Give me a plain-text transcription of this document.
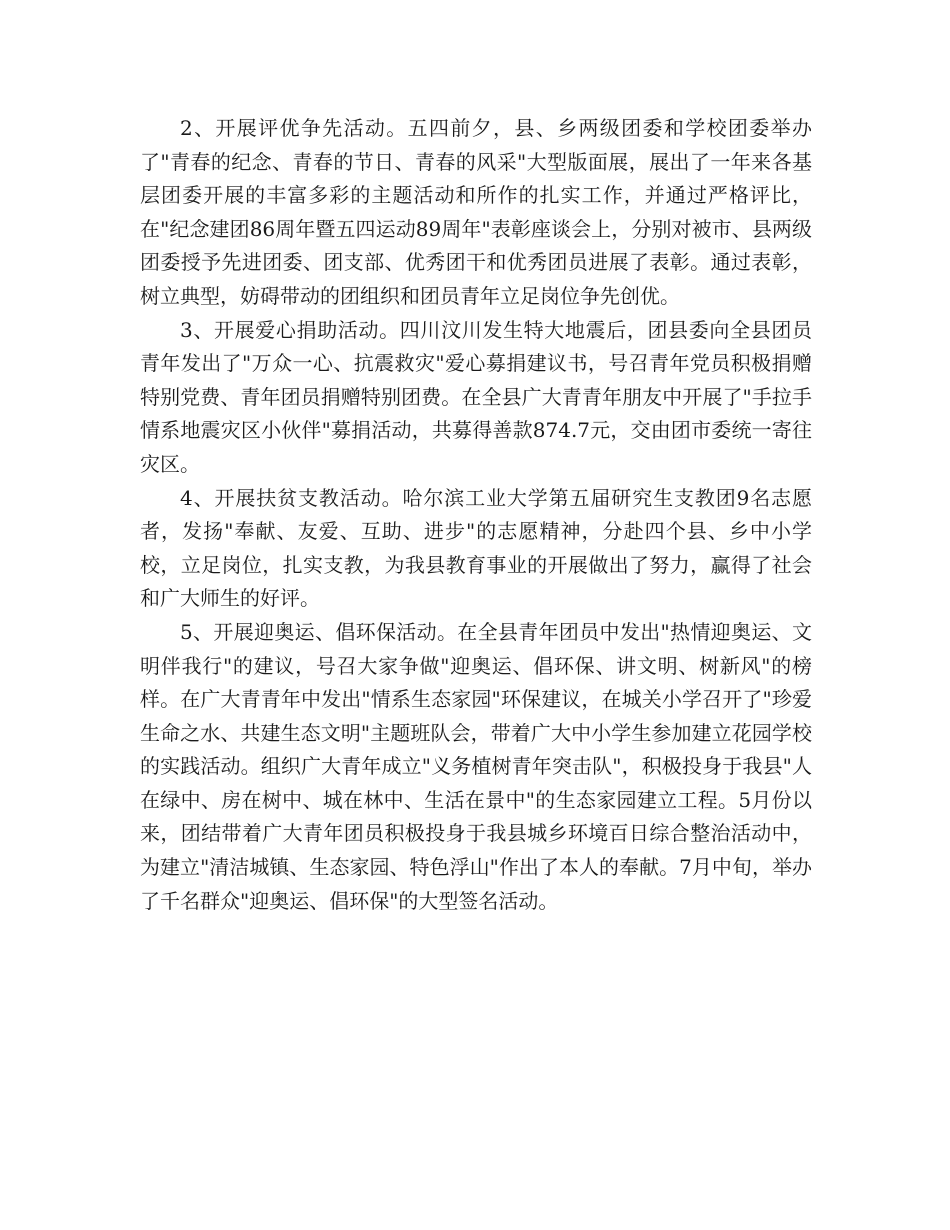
2、开展评优争先活动。五四前夕，县、乡两级团委和学校团委举办了"青春的纪念、青春的节日、青春的风采"大型版面展，展出了一年来各基层团委开展的丰富多彩的主题活动和所作的扎实工作，并通过严格评比，在"纪念建团86周年暨五四运动89周年"表彰座谈会上，分别对被市、县两级团委授予先进团委、团支部、优秀团干和优秀团员进展了表彰。通过表彰，树立典型，妨碍带动的团组织和团员青年立足岗位争先创优。

3、开展爱心捐助活动。四川汶川发生特大地震后，团县委向全县团员青年发出了"万众一心、抗震救灾"爱心募捐建议书，号召青年党员积极捐赠特别党费、青年团员捐赠特别团费。在全县广大青青年朋友中开展了"手拉手情系地震灾区小伙伴"募捐活动，共募得善款874.7元，交由团市委统一寄往灾区。

4、开展扶贫支教活动。哈尔滨工业大学第五届研究生支教团9名志愿者，发扬"奉献、友爱、互助、进步"的志愿精神，分赴四个县、乡中小学校，立足岗位，扎实支教，为我县教育事业的开展做出了努力，赢得了社会和广大师生的好评。

5、开展迎奥运、倡环保活动。在全县青年团员中发出"热情迎奥运、文明伴我行"的建议，号召大家争做"迎奥运、倡环保、讲文明、树新风"的榜样。在广大青青年中发出"情系生态家园"环保建议，在城关小学召开了"珍爱生命之水、共建生态文明"主题班队会，带着广大中小学生参加建立花园学校的实践活动。组织广大青年成立"义务植树青年突击队"，积极投身于我县"人在绿中、房在树中、城在林中、生活在景中"的生态家园建立工程。5月份以来，团结带着广大青年团员积极投身于我县城乡环境百日综合整治活动中，为建立"清洁城镇、生态家园、特色浮山"作出了本人的奉献。7月中旬，举办了千名群众"迎奥运、倡环保"的大型签名活动。
